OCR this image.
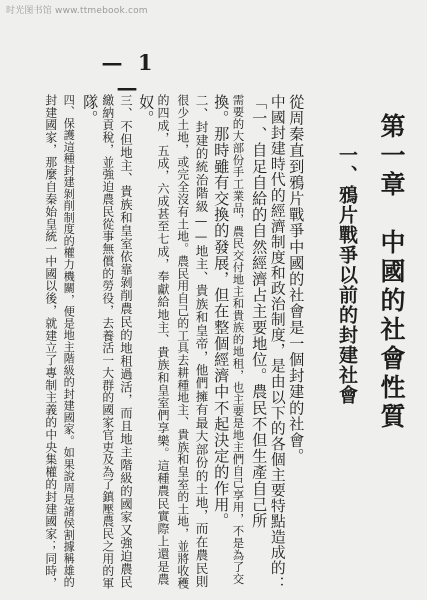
时光图书馆 www.ttmebook.com
— 1 —
第一章　中國的社會性質
一、鴉片戰爭以前的封建社會
從周秦直到鴉片戰爭中國的社會是一個封建的社會。
中國封建時代的經濟制度和政治制度，是由以下的各個主要特點造成的：
「一、自足自給的自然經濟占主要地位。農民不但生產自己所
需要的大部份手工業品，農民交付地主和貴族的地租，也主要是地主們自己享用，不是為了交
換。那時雖有交換的發展，但在整個經濟中不起決定的作用。
二、封建的統治階級——地主、貴族和皇帝，他們擁有最大部份的土地，而在農民則
很少土地，或完全沒有土地。農民用自己的工具去耕種地主、貴族和皇室的土地，並將收穫
的四成，五成，六成甚至七成，奉獻給地主、貴族和皇室們享樂。這種農民實際上還是農
奴。
三、不但地主、貴族和皇室依靠剝削農民的地租過活，而且地主階級的國家又強迫農民
繳納貢稅，並強迫農民從事無償的勞役，去養活一大群的國家官吏及為了鎮壓農民之用的軍
隊。
四、保護這種封建剝削制度的權力機關，便是地主階級的封建國家。如果說周是諸侯割據稱雄的
封建國家，那麼自秦始皇統一中國以後，就建立了專制主義的中央集權的封建國家；同時，
